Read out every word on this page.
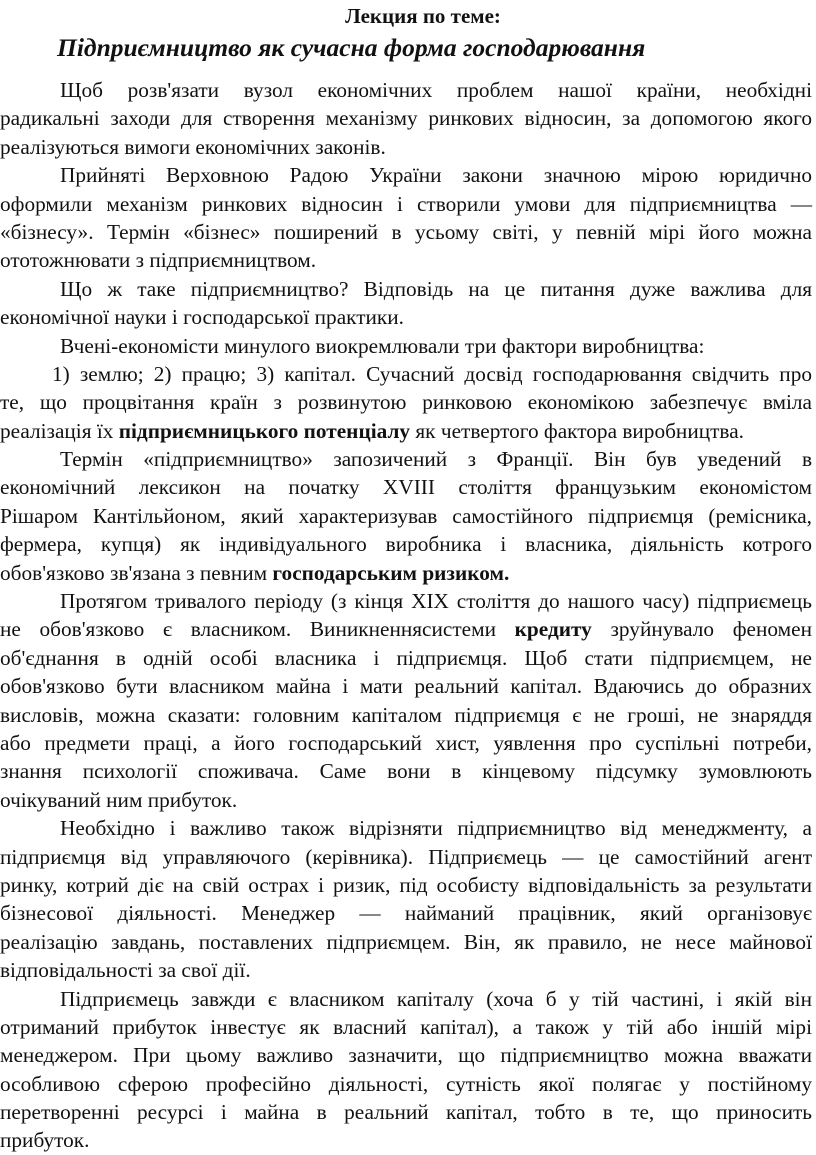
Лекция по теме:
Підприємництво як сучасна форма господарювання
Щоб розв'язати вузол економічних проблем нашої країни, необхідні
радикальні заходи для створення механізму ринкових відносин, за допомогою якого
реалізуються вимоги економічних законів.
Прийняті Верховною Радою України закони значною мірою юридично
оформили механізм ринкових відносин і створили умови для підприємництва —
«бізнесу». Термін «бізнес» поширений в усьому світі, у певній мірі його можна
ототожнювати з підприємництвом.
Що ж таке підприємництво? Відповідь на це питання дуже важлива для
економічної науки і господарської практики.
Вчені-економісти минулого виокремлювали три фактори виробництва:
1) землю; 2) працю; 3) капітал. Сучасний досвід господарювання свідчить про
те, що процвітання країн з розвинутою ринковою економікою забезпечує вміла
реалізація їх підприємницького потенціалу як четвертого фактора виробництва.
Термін «підприємництво» запозичений з Франції. Він був уведений в
економічний лексикон на початку XVIII століття французьким економістом
Рішаром Кантільйоном, який характеризував самостійного підприємця (ремісника,
фермера, купця) як індивідуального виробника і власника, діяльність котрого
обов'язково зв'язана з певним господарським ризиком.
Протягом тривалого періоду (з кінця XIX століття до нашого часу) підприємець
не обов'язково є власником. Виникненнясистеми кредиту зруйнувало феномен
об'єднання в одній особі власника і підприємця. Щоб стати підприємцем, не
обов'язково бути власником майна і мати реальний капітал. Вдаючись до образних
висловів, можна сказати: головним капіталом підприємця є не гроші, не знаряддя
або предмети праці, а його господарський хист, уявлення про суспільні потреби,
знання психології споживача. Саме вони в кінцевому підсумку зумовлюють
очікуваний ним прибуток.
Необхідно і важливо також відрізняти підприємництво від менеджменту, а
підприємця від управляючого (керівника). Підприємець — це самостійний агент
ринку, котрий діє на свій острах і ризик, під особисту відповідальність за результати
бізнесової діяльності. Менеджер — найманий працівник, який організовує
реалізацію завдань, поставлених підприємцем. Він, як правило, не несе майнової
відповідальності за свої дії.
Підприємець завжди є власником капіталу (хоча б у тій частині, і якій він
отриманий прибуток інвестує як власний капітал), а також у тій або іншій мірі
менеджером. При цьому важливо зазначити, що підприємництво можна вважати
особливою сферою професійно діяльності, сутність якої полягає у постійному
перетворенні ресурсі і майна в реальний капітал, тобто в те, що приносить
прибуток.
